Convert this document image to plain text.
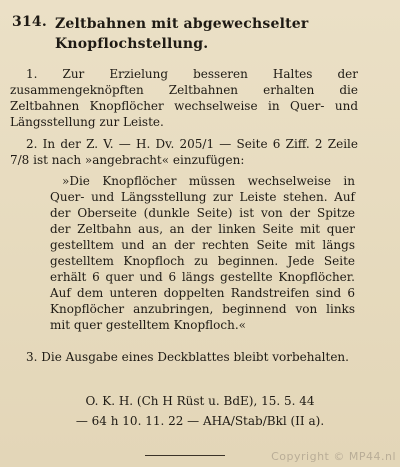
314. Zeltbahnen mit abgewechselter Knopflochstellung.

1. Zur Erzielung besseren Haltes der zusammengeknöpften Zeltbahnen erhalten die Zeltbahnen Knopflöcher wechselweise in Quer- und Längsstellung zur Leiste.

2. In der Z. V. — H. Dv. 205/1 — Seite 6 Ziff. 2 Zeile 7/8 ist nach »angebracht« einzufügen:

»Die Knopflöcher müssen wechselweise in Quer- und Längsstellung zur Leiste stehen. Auf der Oberseite (dunkle Seite) ist von der Spitze der Zeltbahn aus, an der linken Seite mit quer gestelltem und an der rechten Seite mit längs gestelltem Knopfloch zu beginnen. Jede Seite erhält 6 quer und 6 längs gestellte Knopflöcher. Auf dem unteren doppelten Randstreifen sind 6 Knopflöcher anzubringen, beginnend von links mit quer gestelltem Knopfloch.«

3. Die Ausgabe eines Deckblattes bleibt vorbehalten.

O. K. H. (Ch H Rüst u. BdE), 15. 5. 44
— 64 h 10. 11. 22 — AHA/Stab/Bkl (II a).
Copyright © MP44.nl
